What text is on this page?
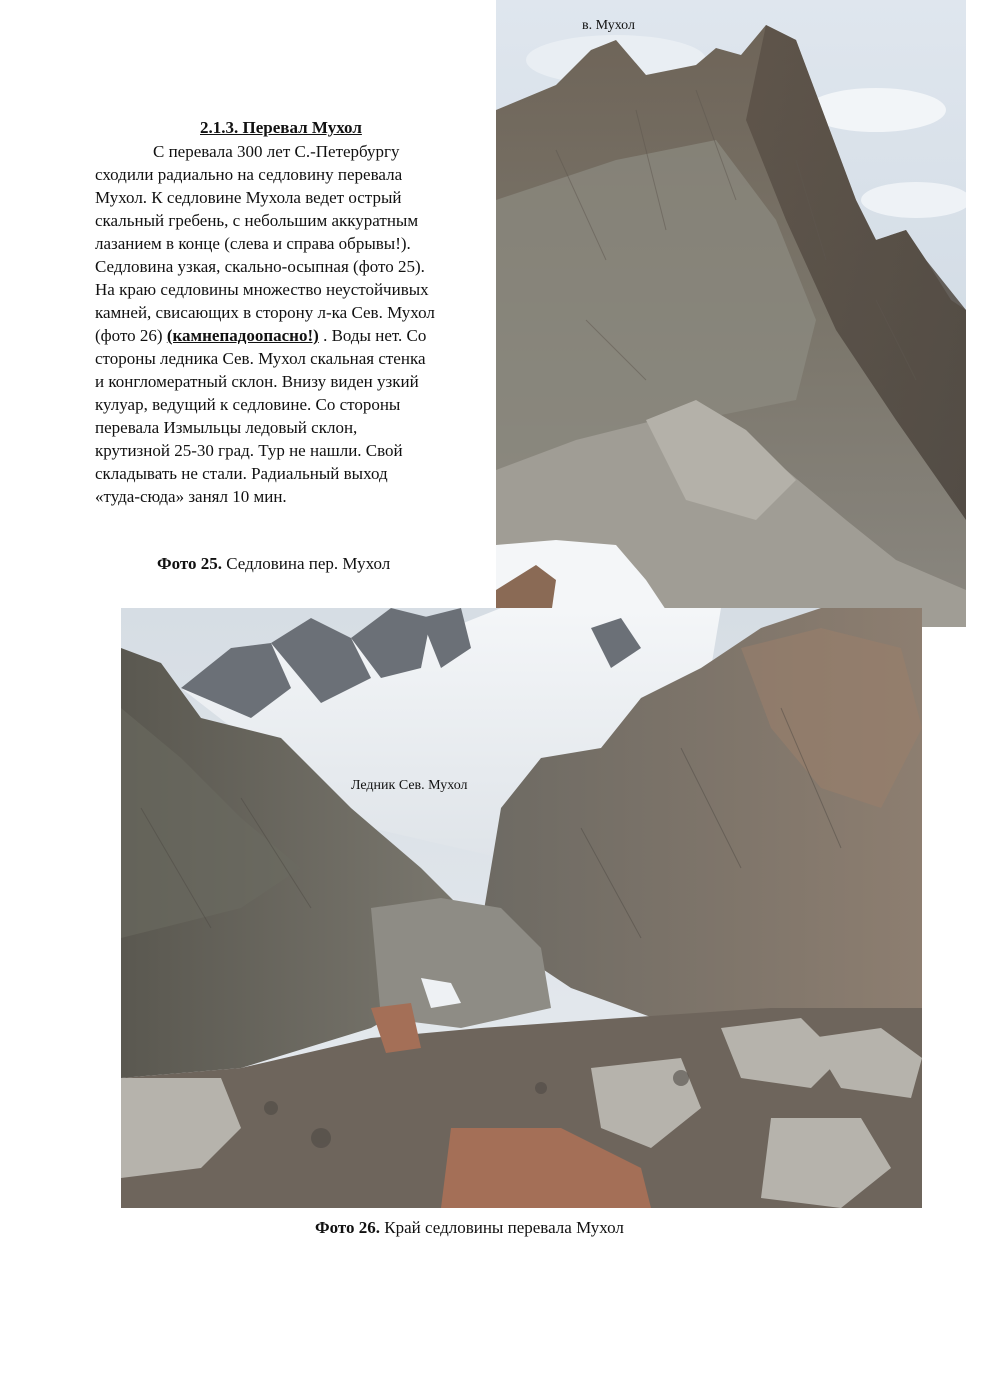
2.1.3. Перевал Мухол
С перевала 300 лет С.-Петербургу
сходили радиально на седловину перевала
Мухол. К седловине Мухола ведет острый
скальный гребень, с небольшим аккуратным
лазанием в конце (слева и справа обрывы!).
Седловина узкая, скально-осыпная (фото 25).
На краю седловины множество неустойчивых
камней, свисающих в сторону л-ка Сев. Мухол
(фото 26) (камнепадоопасно!) . Воды нет. Со
стороны ледника Сев. Мухол скальная стенка
и конгломератный склон. Внизу виден узкий
кулуар, ведущий к седловине. Со стороны
перевала Измыльцы ледовый склон,
крутизной 25-30 град. Тур не нашли. Свой
складывать не стали. Радиальный выход
«туда-сюда» занял 10 мин.
в. Мухол
Фото 25. Седловина пер. Мухол
Ледник Сев. Мухол
Фото 26. Край седловины перевала Мухол
